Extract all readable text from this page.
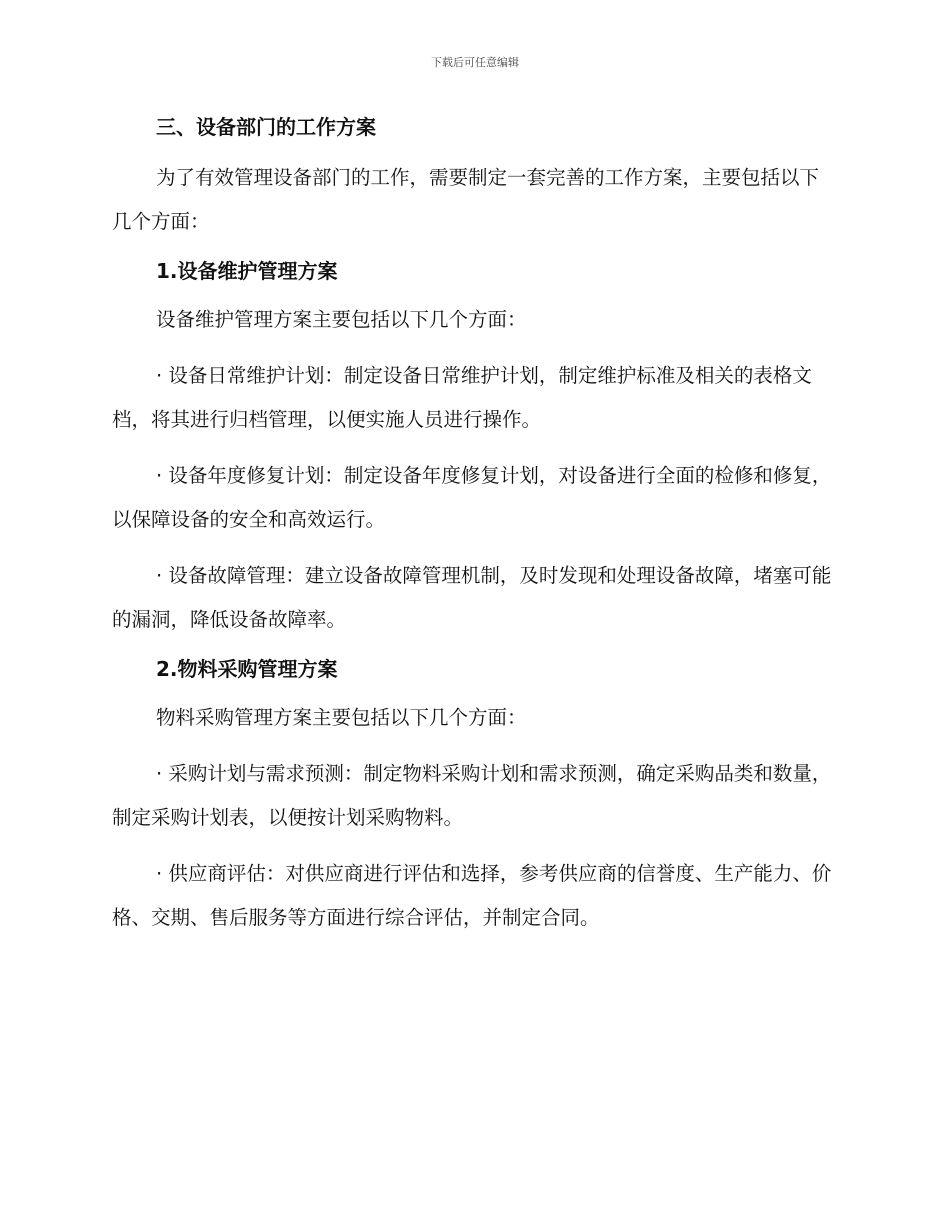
下载后可任意编辑

三、设备部门的工作方案

为了有效管理设备部门的工作，需要制定一套完善的工作方案，主要包括以下几个方面：

1.设备维护管理方案

设备维护管理方案主要包括以下几个方面：

· 设备日常维护计划：制定设备日常维护计划，制定维护标准及相关的表格文档，将其进行归档管理，以便实施人员进行操作。

· 设备年度修复计划：制定设备年度修复计划，对设备进行全面的检修和修复，以保障设备的安全和高效运行。

· 设备故障管理：建立设备故障管理机制，及时发现和处理设备故障，堵塞可能的漏洞，降低设备故障率。

2.物料采购管理方案

物料采购管理方案主要包括以下几个方面：

· 采购计划与需求预测：制定物料采购计划和需求预测，确定采购品类和数量，制定采购计划表，以便按计划采购物料。

· 供应商评估：对供应商进行评估和选择，参考供应商的信誉度、生产能力、价格、交期、售后服务等方面进行综合评估，并制定合同。
